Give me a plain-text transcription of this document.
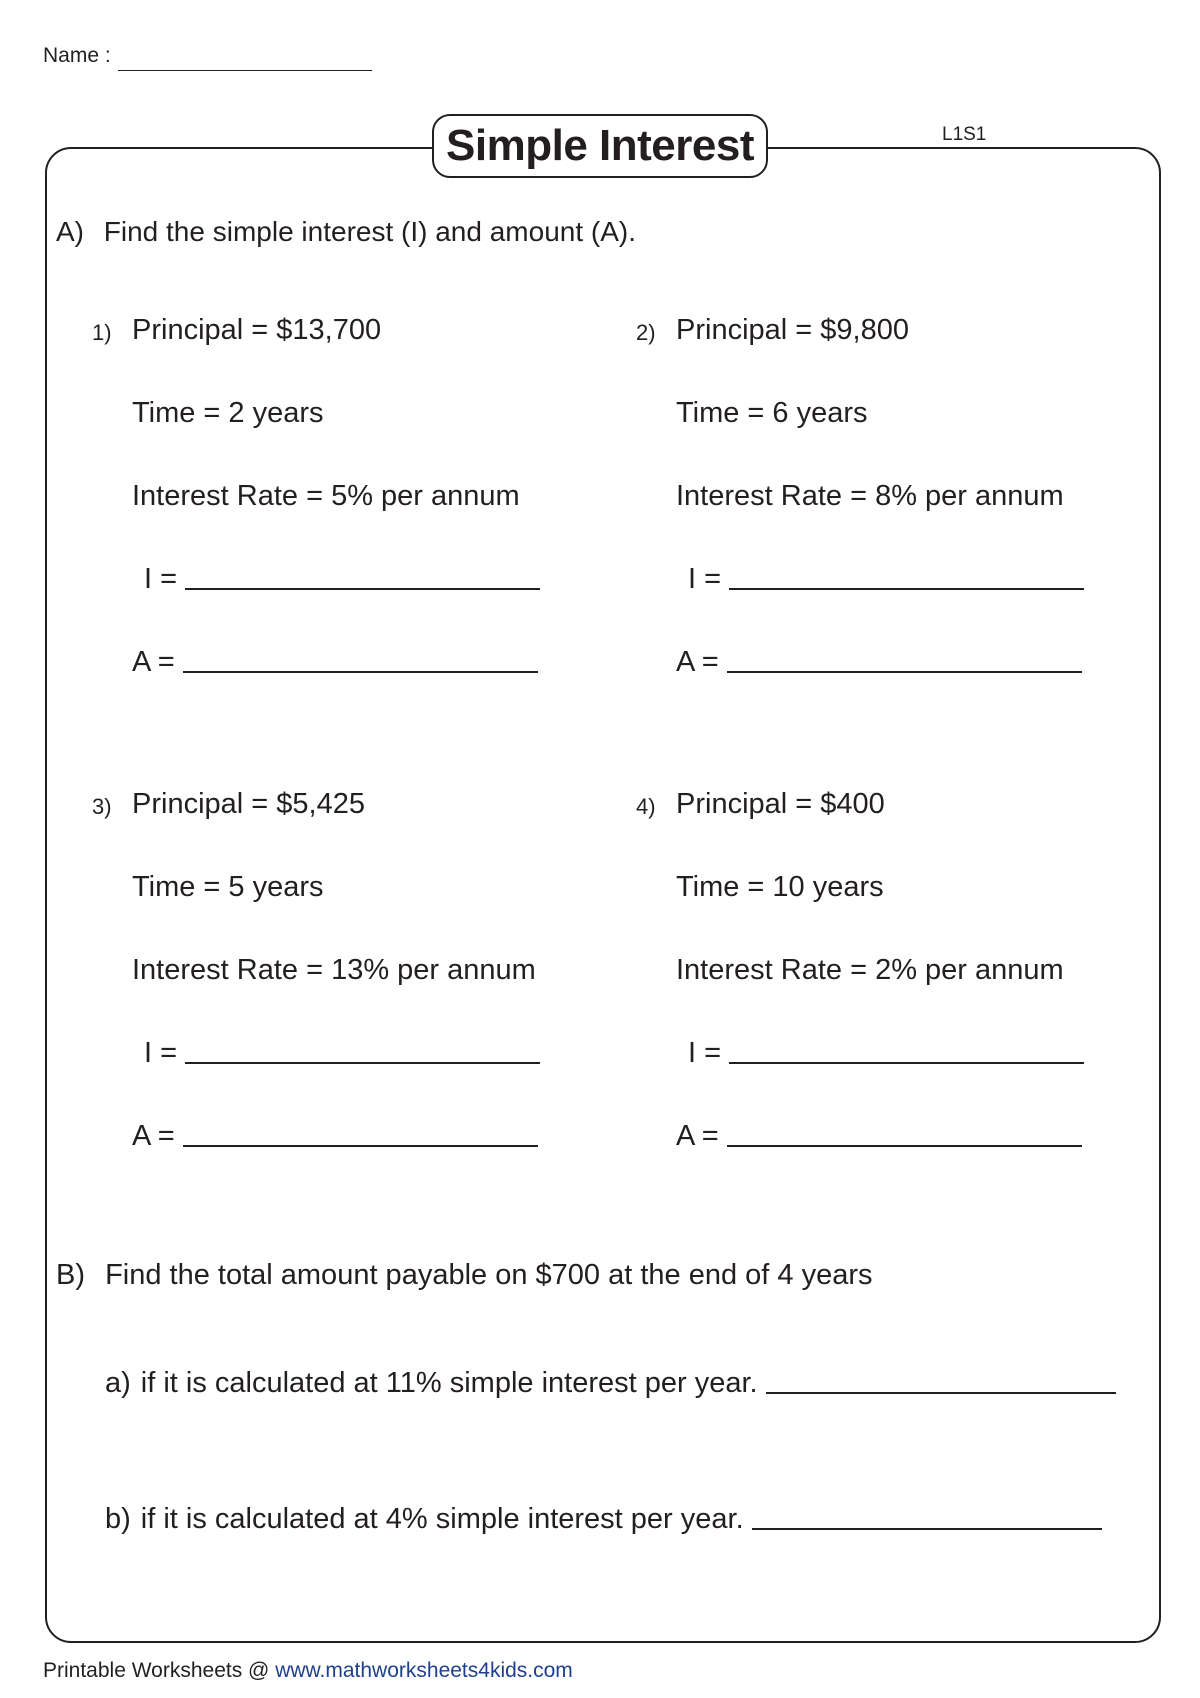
Name :
Simple Interest	L1S1
A) Find the simple interest (I) and amount (A).
1) Principal = $13,700
Time = 2 years
Interest Rate = 5% per annum
I =
A =
2) Principal = $9,800
Time = 6 years
Interest Rate = 8% per annum
I =
A =
3) Principal = $5,425
Time = 5 years
Interest Rate = 13% per annum
I =
A =
4) Principal = $400
Time = 10 years
Interest Rate = 2% per annum
I =
A =
B) Find the total amount payable on $700 at the end of 4 years
a) if it is calculated at 11% simple interest per year.
b) if it is calculated at 4% simple interest per year.
Printable Worksheets @ www.mathworksheets4kids.com
